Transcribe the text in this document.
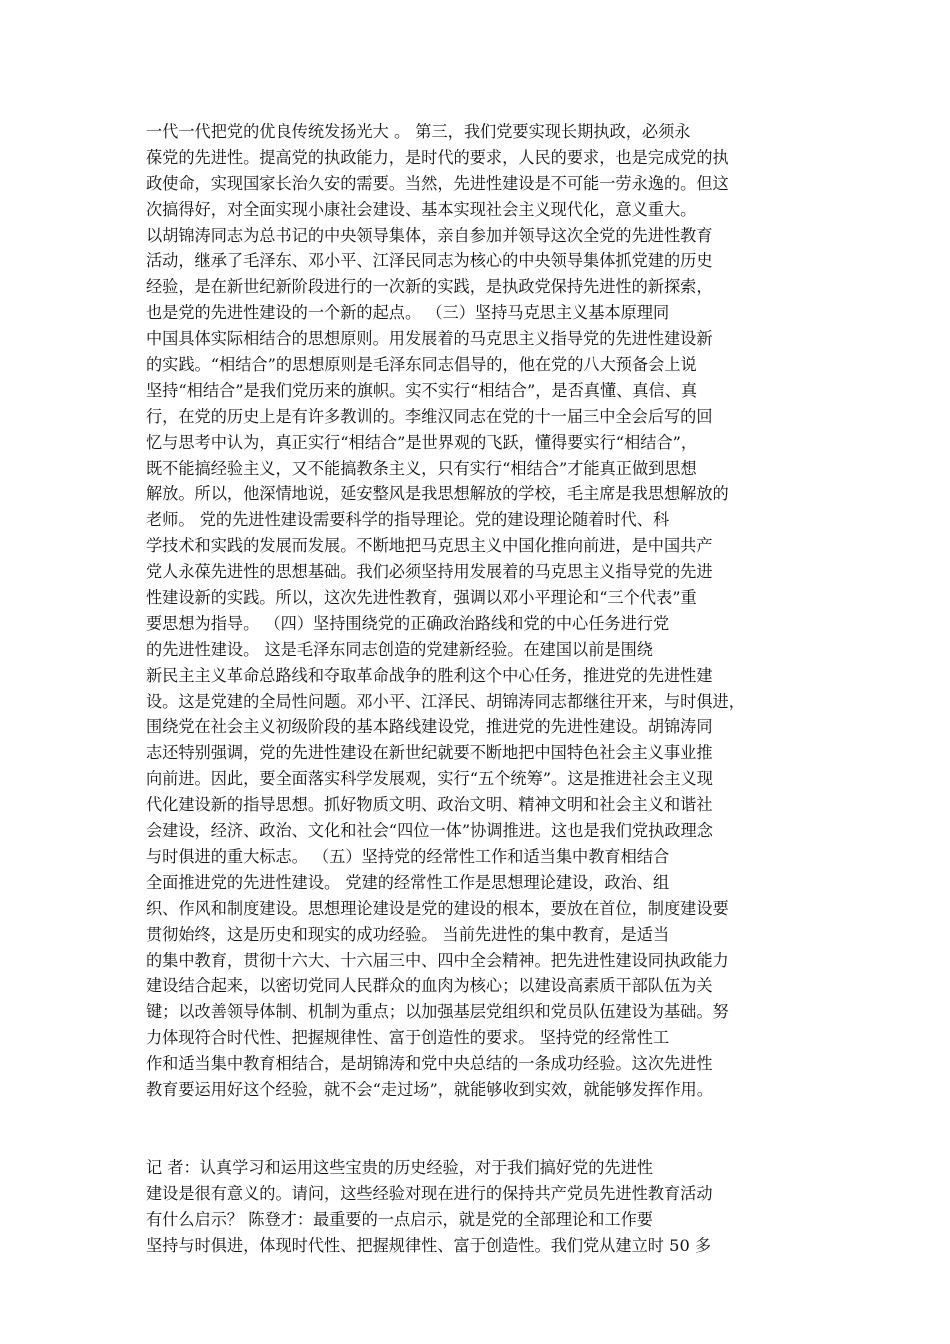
一代一代把党的优良传统发扬光大 。 第三，我们党要实现长期执政，必须永
葆党的先进性。提高党的执政能力，是时代的要求，人民的要求，也是完成党的执
政使命，实现国家长治久安的需要。当然，先进性建设是不可能一劳永逸的。但这
次搞得好，对全面实现小康社会建设、基本实现社会主义现代化，意义重大。
以胡锦涛同志为总书记的中央领导集体，亲自参加并领导这次全党的先进性教育
活动，继承了毛泽东、邓小平、江泽民同志为核心的中央领导集体抓党建的历史
经验，是在新世纪新阶段进行的一次新的实践，是执政党保持先进性的新探索，
也是党的先进性建设的一个新的起点。 （三）坚持马克思主义基本原理同
中国具体实际相结合的思想原则。用发展着的马克思主义指导党的先进性建设新
的实践。“相结合”的思想原则是毛泽东同志倡导的，他在党的八大预备会上说
坚持“相结合”是我们党历来的旗帜。实不实行“相结合”，是否真懂、真信、真
行，在党的历史上是有许多教训的。李维汉同志在党的十一届三中全会后写的回
忆与思考中认为，真正实行“相结合”是世界观的飞跃，懂得要实行“相结合”，
既不能搞经验主义，又不能搞教条主义，只有实行“相结合”才能真正做到思想
解放。所以，他深情地说，延安整风是我思想解放的学校，毛主席是我思想解放的
老师。 党的先进性建设需要科学的指导理论。党的建设理论随着时代、科
学技术和实践的发展而发展。不断地把马克思主义中国化推向前进，是中国共产
党人永葆先进性的思想基础。我们必须坚持用发展着的马克思主义指导党的先进
性建设新的实践。所以，这次先进性教育，强调以邓小平理论和“三个代表”重
要思想为指导。 （四）坚持围绕党的正确政治路线和党的中心任务进行党
的先进性建设。 这是毛泽东同志创造的党建新经验。在建国以前是围绕
新民主主义革命总路线和夺取革命战争的胜利这个中心任务，推进党的先进性建
设。这是党建的全局性问题。邓小平、江泽民、胡锦涛同志都继往开来，与时俱进，
围绕党在社会主义初级阶段的基本路线建设党，推进党的先进性建设。胡锦涛同
志还特别强调，党的先进性建设在新世纪就要不断地把中国特色社会主义事业推
向前进。因此，要全面落实科学发展观，实行“五个统筹”。这是推进社会主义现
代化建设新的指导思想。抓好物质文明、政治文明、精神文明和社会主义和谐社
会建设，经济、政治、文化和社会“四位一体”协调推进。这也是我们党执政理念
与时俱进的重大标志。 （五）坚持党的经常性工作和适当集中教育相结合
全面推进党的先进性建设。 党建的经常性工作是思想理论建设，政治、组
织、作风和制度建设。思想理论建设是党的建设的根本，要放在首位，制度建设要
贯彻始终，这是历史和现实的成功经验。 当前先进性的集中教育，是适当
的集中教育，贯彻十六大、十六届三中、四中全会精神。把先进性建设同执政能力
建设结合起来，以密切党同人民群众的血肉为核心；以建设高素质干部队伍为关
键；以改善领导体制、机制为重点；以加强基层党组织和党员队伍建设为基础。努
力体现符合时代性、把握规律性、富于创造性的要求。 坚持党的经常性工
作和适当集中教育相结合，是胡锦涛和党中央总结的一条成功经验。这次先进性
教育要运用好这个经验，就不会“走过场”，就能够收到实效，就能够发挥作用。
记 者：认真学习和运用这些宝贵的历史经验，对于我们搞好党的先进性
建设是很有意义的。请问，这些经验对现在进行的保持共产党员先进性教育活动
有什么启示？ 陈登才：最重要的一点启示，就是党的全部理论和工作要
坚持与时俱进，体现时代性、把握规律性、富于创造性。我们党从建立时 50 多
